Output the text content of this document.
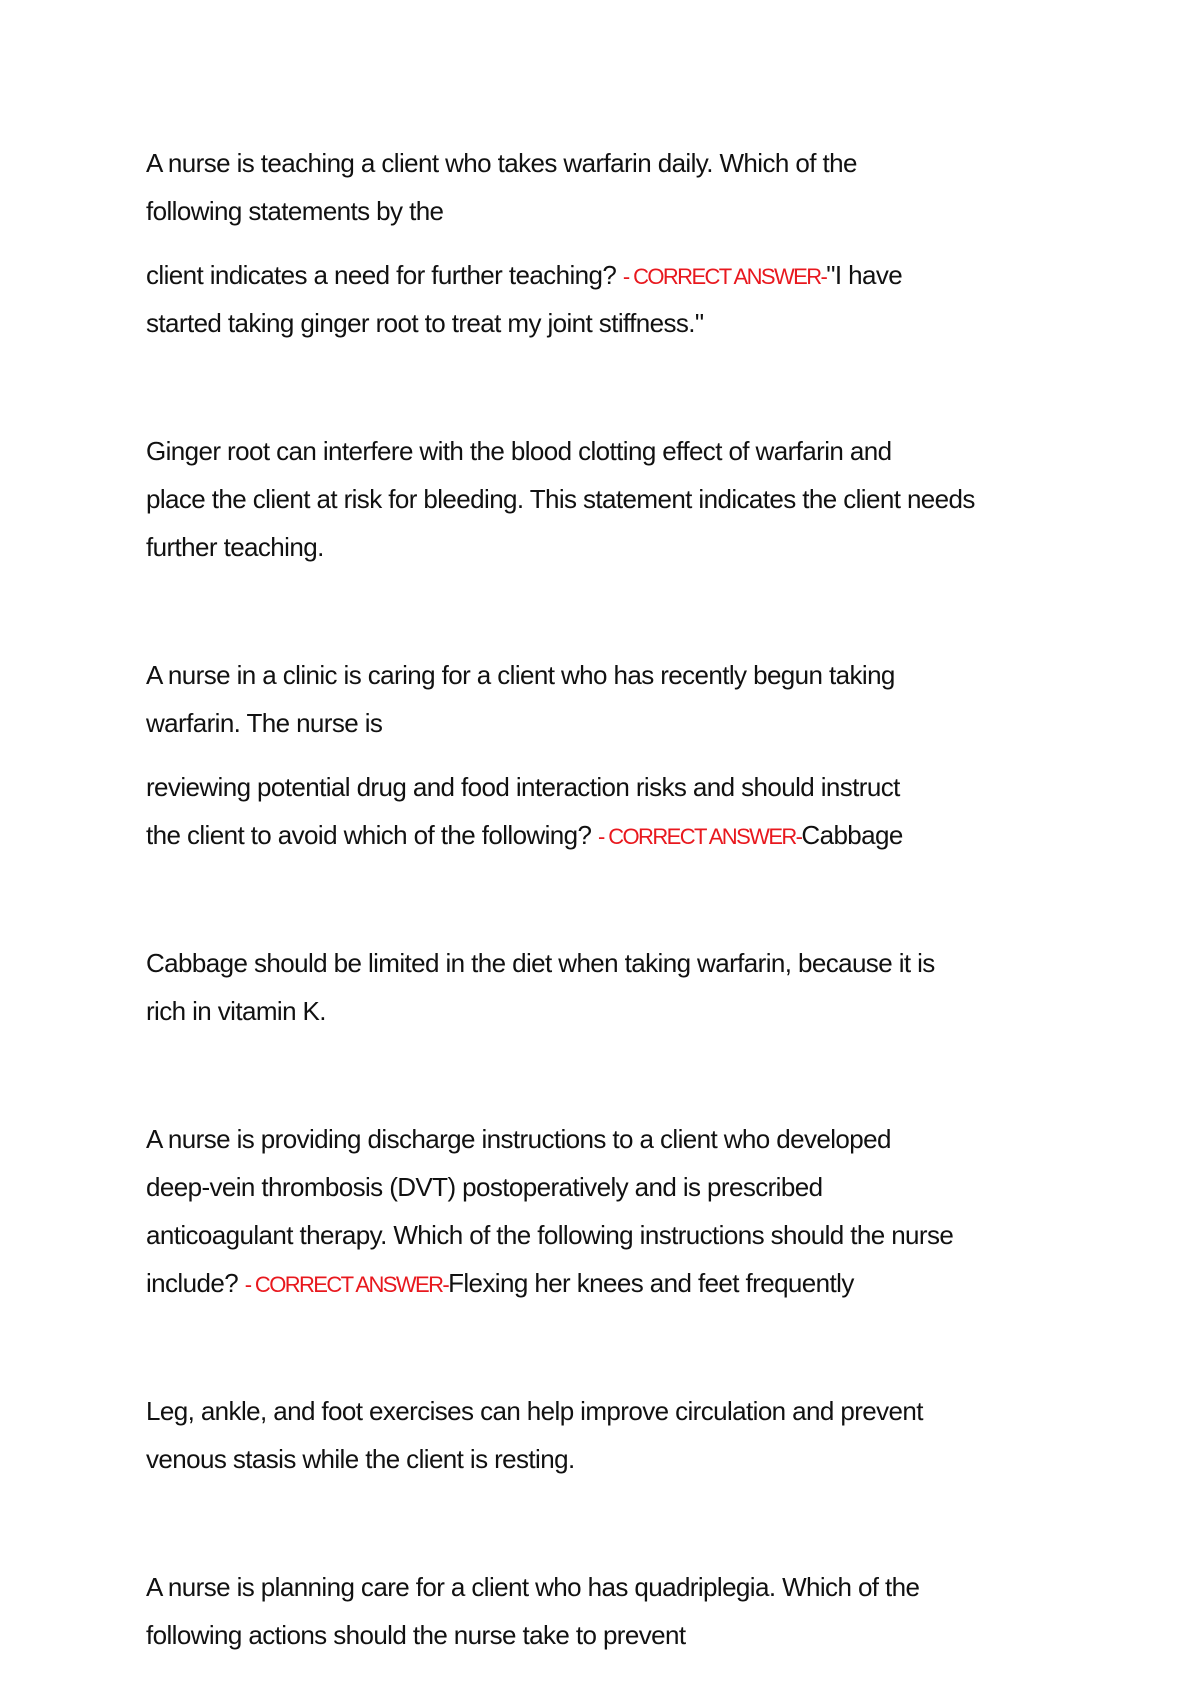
A nurse is teaching a client who takes warfarin daily. Which of the

following statements by the

client indicates a need for further teaching? - CORRECT ANSWER-"I have

started taking ginger root to treat my joint stiffness."

Ginger root can interfere with the blood clotting effect of warfarin and

place the client at risk for bleeding. This statement indicates the client needs

further teaching.

A nurse in a clinic is caring for a client who has recently begun taking

warfarin. The nurse is

reviewing potential drug and food interaction risks and should instruct

the client to avoid which of the following? - CORRECT ANSWER-Cabbage

Cabbage should be limited in the diet when taking warfarin, because it is

rich in vitamin K.

A nurse is providing discharge instructions to a client who developed

deep-vein thrombosis (DVT) postoperatively and is prescribed

anticoagulant therapy. Which of the following instructions should the nurse

include? - CORRECT ANSWER-Flexing her knees and feet frequently

Leg, ankle, and foot exercises can help improve circulation and prevent

venous stasis while the client is resting.

A nurse is planning care for a client who has quadriplegia. Which of the

following actions should the nurse take to prevent
